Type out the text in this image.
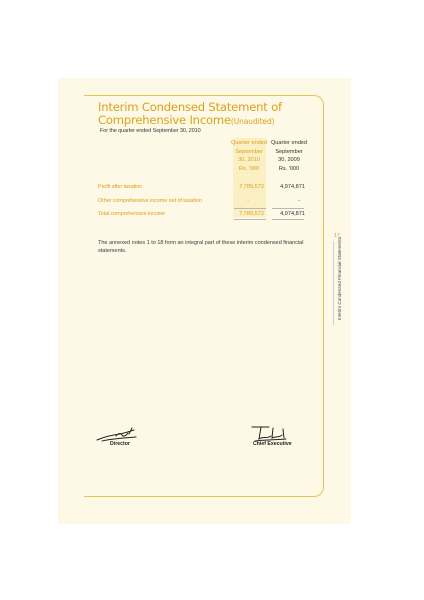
Interim Condensed Statement of Comprehensive Income(Unaudited)
For the quarter ended September 30, 2010
Quarter ended
September
30, 2010
Rs. '000
Quarter ended
September
30, 2009
Rs. '000
Profit after taxation	7,789,572	4,974,871
Other comprehensive income net of taxation	-	-
Total comprehensive income	7,789,572	4,974,871
The annexed notes 1 to 18 form an integral part of these interim condensed financial statements.
17
Interim Condensed Financial Statements
Director	Chief Executive
